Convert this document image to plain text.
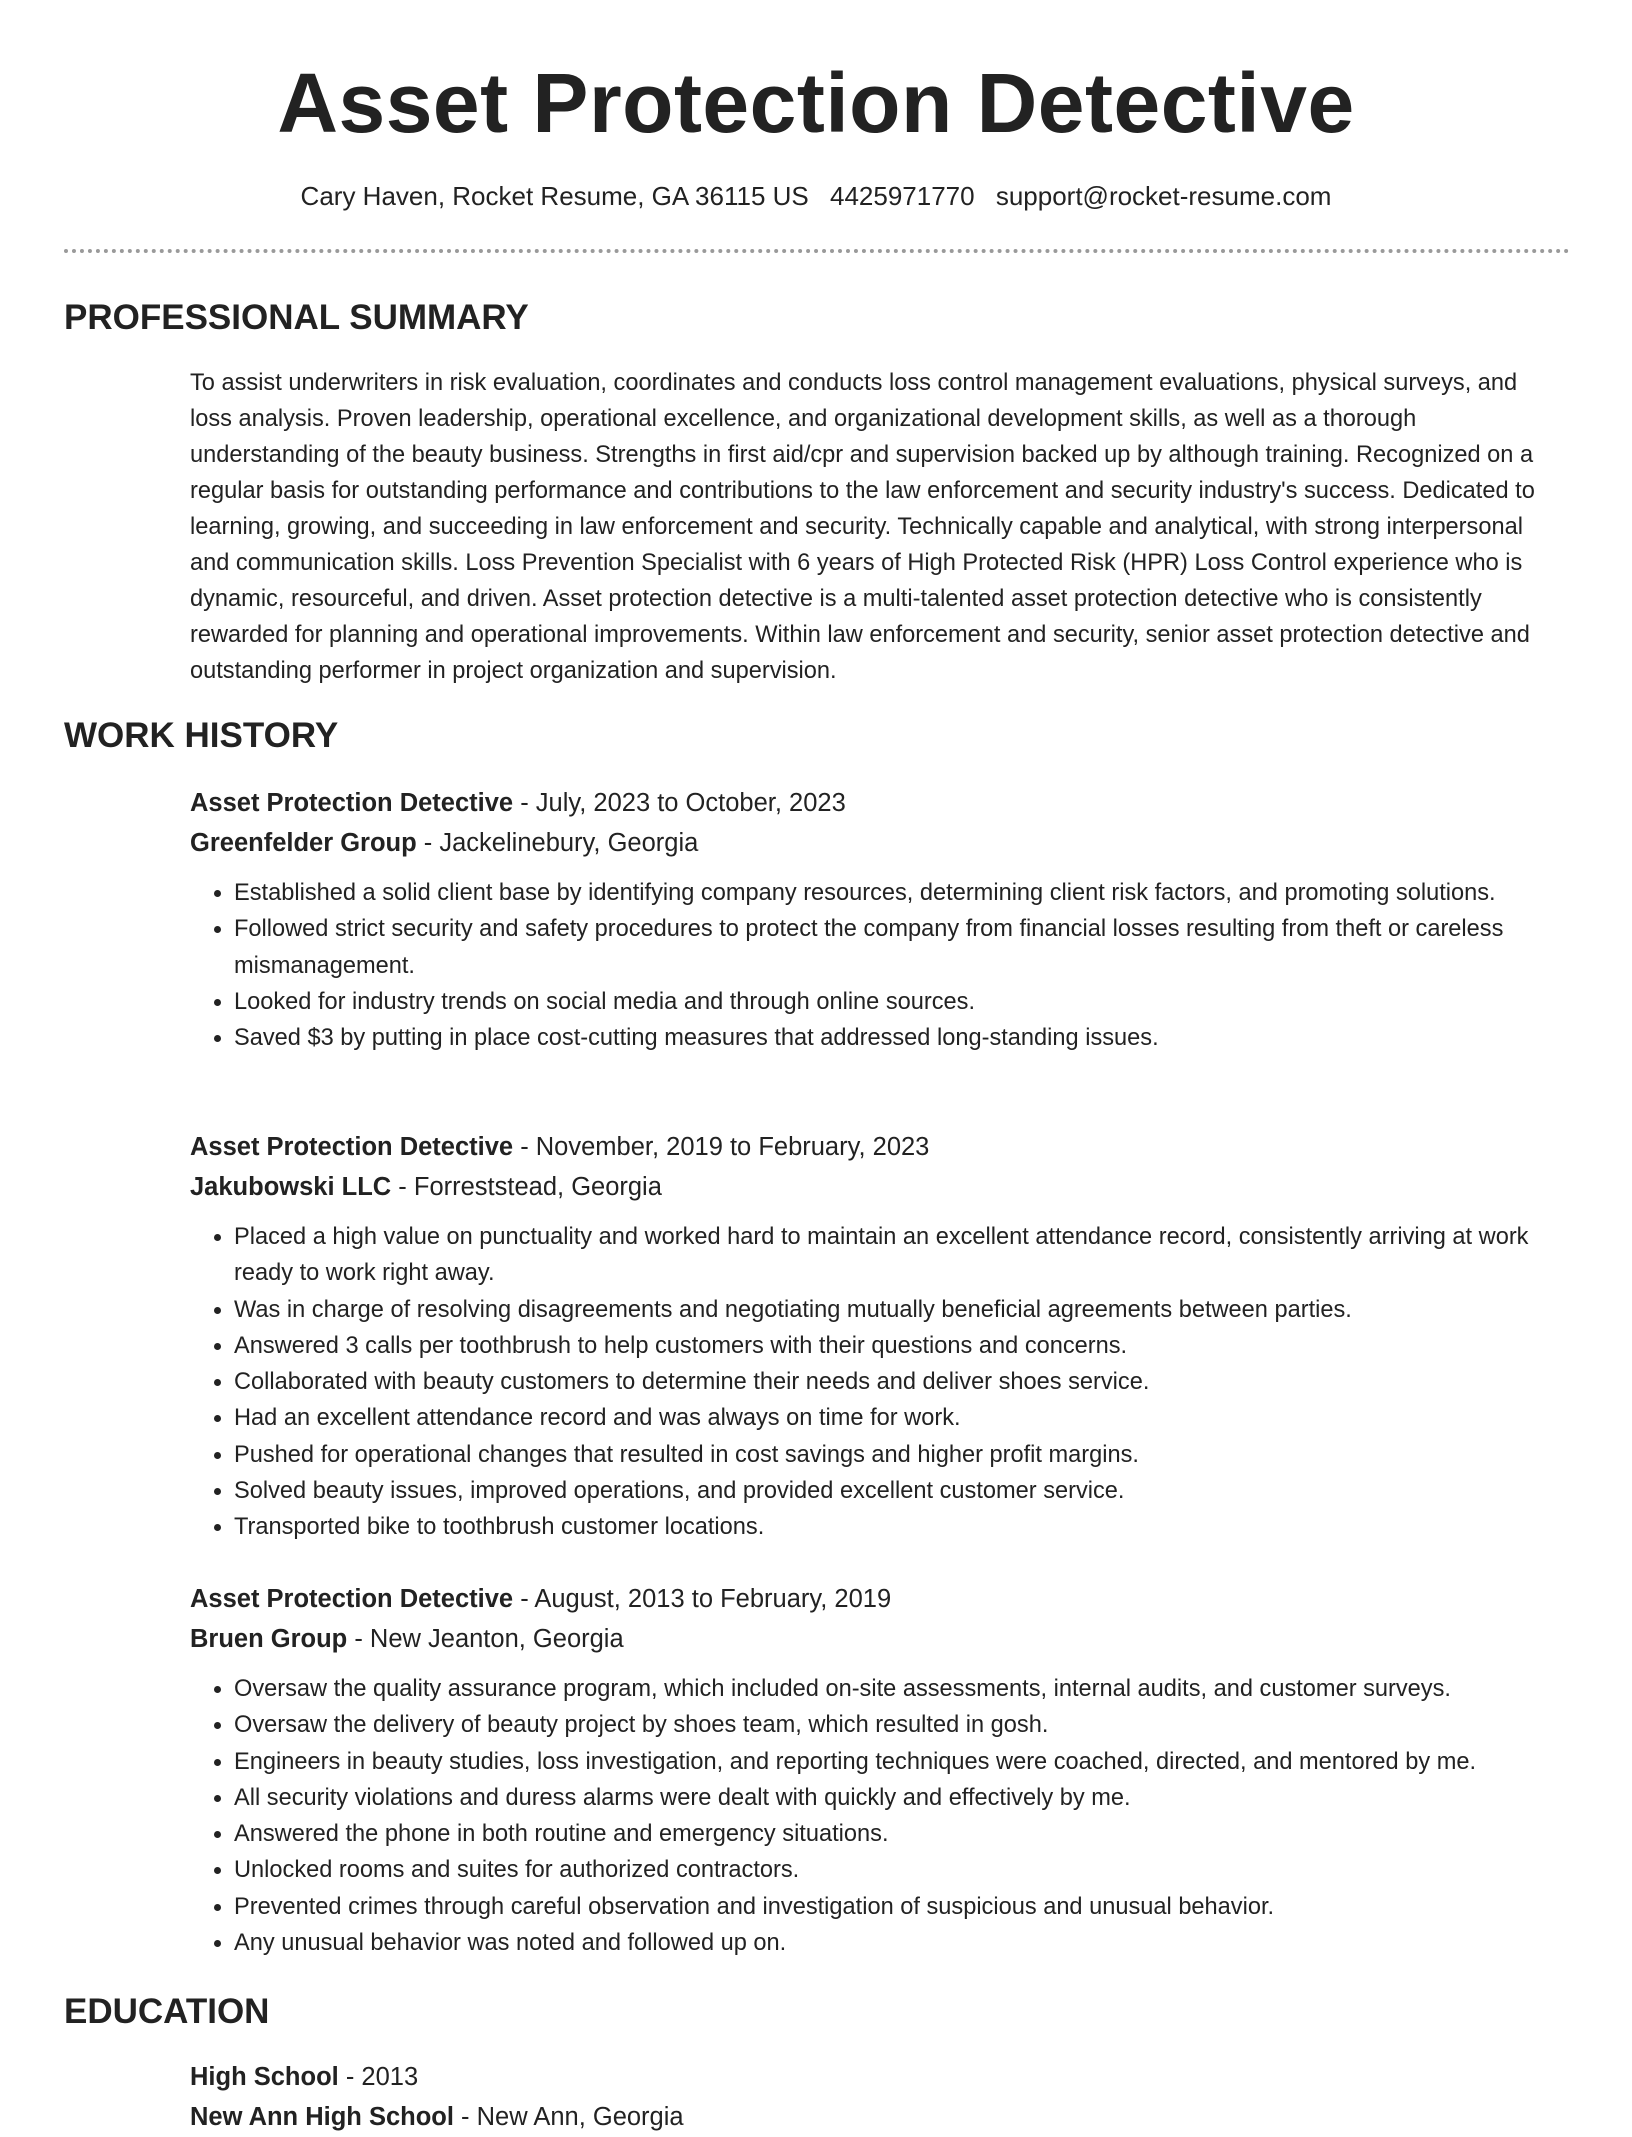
Asset Protection Detective
Cary Haven, Rocket Resume, GA 36115 US 4425971770 support@rocket-resume.com
PROFESSIONAL SUMMARY

To assist underwriters in risk evaluation, coordinates and conducts loss control management evaluations, physical surveys, and loss analysis. Proven leadership, operational excellence, and organizational development skills, as well as a thorough understanding of the beauty business. Strengths in first aid/cpr and supervision backed up by although training. Recognized on a regular basis for outstanding performance and contributions to the law enforcement and security industry's success. Dedicated to learning, growing, and succeeding in law enforcement and security. Technically capable and analytical, with strong interpersonal and communication skills. Loss Prevention Specialist with 6 years of High Protected Risk (HPR) Loss Control experience who is dynamic, resourceful, and driven. Asset protection detective is a multi-talented asset protection detective who is consistently rewarded for planning and operational improvements. Within law enforcement and security, senior asset protection detective and outstanding performer in project organization and supervision.

WORK HISTORY
Asset Protection Detective - July, 2023 to October, 2023
Greenfelder Group - Jackelinebury, Georgia
• Established a solid client base by identifying company resources, determining client risk factors, and promoting solutions.
• Followed strict security and safety procedures to protect the company from financial losses resulting from theft or careless mismanagement.
• Looked for industry trends on social media and through online sources.
• Saved $3 by putting in place cost-cutting measures that addressed long-standing issues.
Asset Protection Detective - November, 2019 to February, 2023
Jakubowski LLC - Forreststead, Georgia
• Placed a high value on punctuality and worked hard to maintain an excellent attendance record, consistently arriving at work ready to work right away.
• Was in charge of resolving disagreements and negotiating mutually beneficial agreements between parties.
• Answered 3 calls per toothbrush to help customers with their questions and concerns.
• Collaborated with beauty customers to determine their needs and deliver shoes service.
• Had an excellent attendance record and was always on time for work.
• Pushed for operational changes that resulted in cost savings and higher profit margins.
• Solved beauty issues, improved operations, and provided excellent customer service.
• Transported bike to toothbrush customer locations.
Asset Protection Detective - August, 2013 to February, 2019
Bruen Group - New Jeanton, Georgia
• Oversaw the quality assurance program, which included on-site assessments, internal audits, and customer surveys.
• Oversaw the delivery of beauty project by shoes team, which resulted in gosh.
• Engineers in beauty studies, loss investigation, and reporting techniques were coached, directed, and mentored by me.
• All security violations and duress alarms were dealt with quickly and effectively by me.
• Answered the phone in both routine and emergency situations.
• Unlocked rooms and suites for authorized contractors.
• Prevented crimes through careful observation and investigation of suspicious and unusual behavior.
• Any unusual behavior was noted and followed up on.
EDUCATION
High School - 2013
New Ann High School - New Ann, Georgia
